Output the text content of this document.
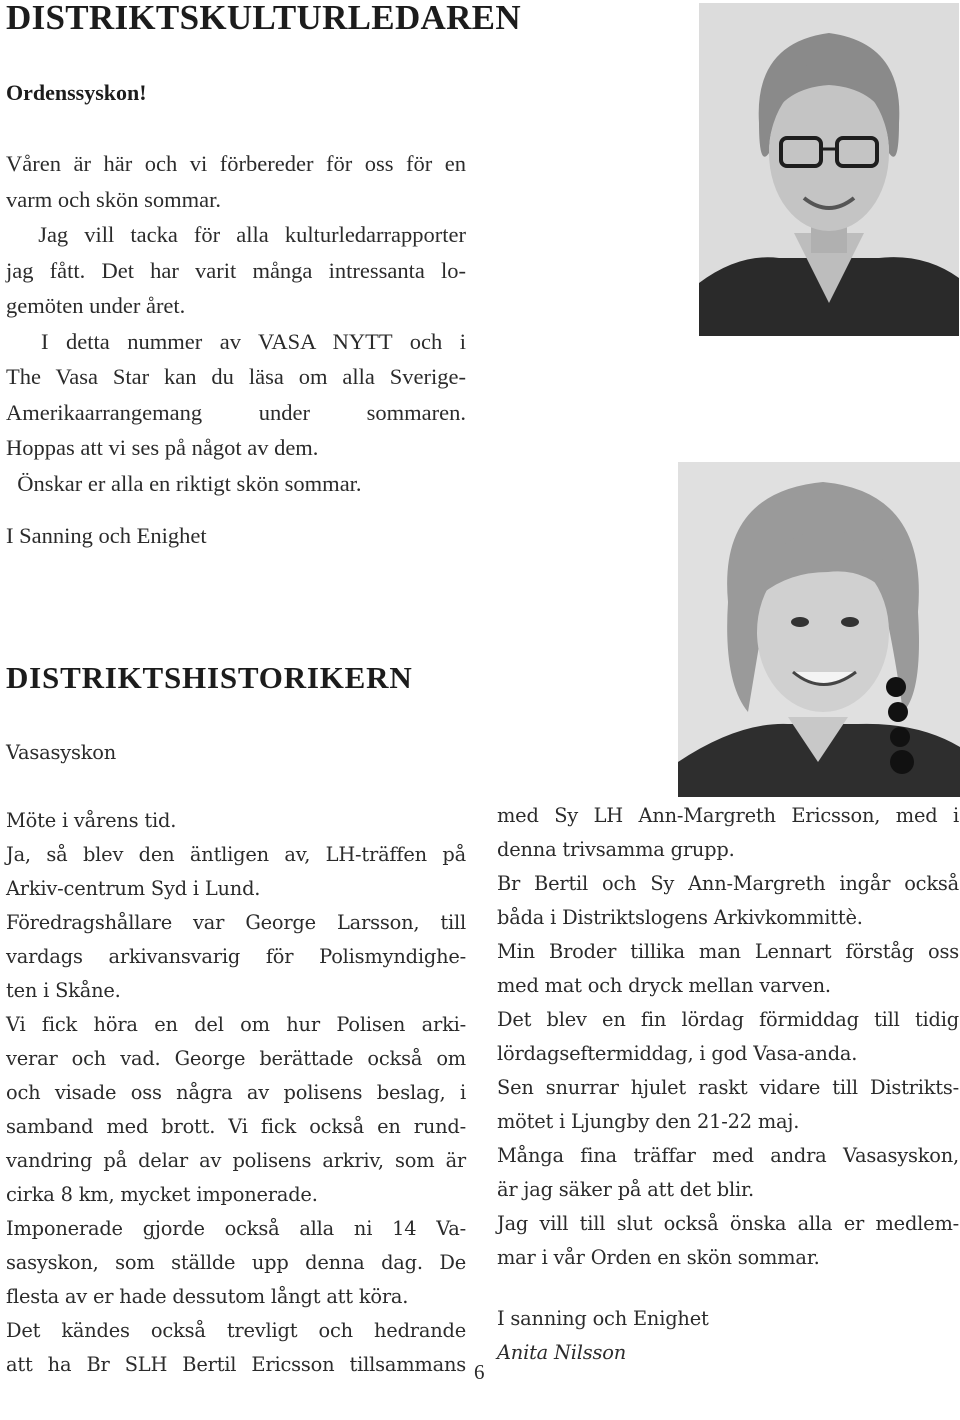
DISTRIKTSKULTURLEDAREN

Ordenssyskon!

Våren är här och vi förbereder för oss för en

varm och skön sommar.

Jag vill tacka för alla kulturledarrapporter

jag fått. Det har varit många intressanta lo-

gemöten under året.

I detta nummer av VASA NYTT och i

The Vasa Star kan du läsa om alla Sverige-

Amerikaarrangemang under sommaren.

Hoppas att vi ses på något av dem.

Önskar er alla en riktigt skön sommar.

I Sanning och Enighet

DISTRIKTSHISTORIKERN

Vasasyskon

Möte i vårens tid.

Ja, så blev den äntligen av, LH-träffen på

Arkiv-centrum Syd i Lund.

Föredragshållare var George Larsson, till

vardags arkivansvarig för Polismyndighe-

ten i Skåne.

Vi fick höra en del om hur Polisen arki-

verar och vad. George berättade också om

och visade oss några av polisens beslag, i

samband med brott. Vi fick också en rund-

vandring på delar av polisens arkriv, som är

cirka 8 km, mycket imponerade.

Imponerade gjorde också alla ni 14 Va-

sasyskon, som ställde upp denna dag. De

flesta av er hade dessutom långt att köra.

Det kändes också trevligt och hedrande

att ha Br SLH Bertil Ericsson tillsammans

med Sy LH Ann-Margreth Ericsson, med i

denna trivsamma grupp.

Br Bertil och Sy Ann-Margreth ingår också

båda i Distriktslogens Arkivkommittè.

Min Broder tillika man Lennart förståg oss

med mat och dryck mellan varven.

Det blev en fin lördag förmiddag till tidig

lördagseftermiddag, i god Vasa-anda.

Sen snurrar hjulet raskt vidare till Distrikts-

mötet i Ljungby den 21-22 maj.

Många fina träffar med andra Vasasyskon,

är jag säker på att det blir.

Jag vill till slut också önska alla er medlem-

mar i vår Orden en skön sommar.

I sanning och Enighet

Anita Nilsson

6
